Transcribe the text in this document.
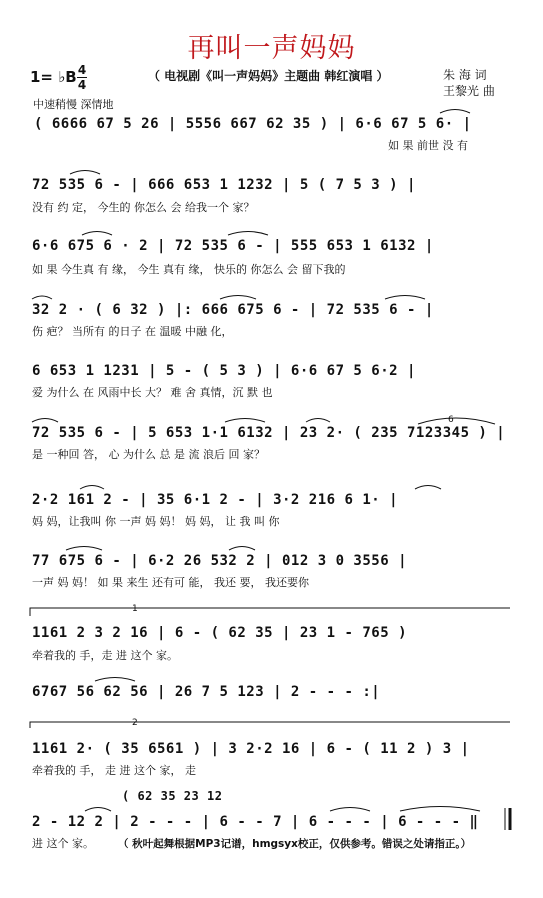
再叫一声妈妈
1= ♭B 4
4
（ 电视剧《叫一声妈妈》主题曲 韩红演唱 ）	朱 海 词
王黎光 曲
中速稍慢 深情地
( 6666 67 5 26 | 5556 667 62 35 ) | 6·6 67 5 6· |
如 果 前世 没 有
72 535 6 - | 666 653 1 1232 | 5 ( 7 5 3 ) |
没有 约 定， 今生的 你怎么 会 给我一个 家？
6·6 675 6 · 2 | 72 535 6 - | 555 653 1 6132 |
如 果 今生真 有 缘， 今生 真有 缘， 快乐的 你怎么 会 留下我的
32 2 · ( 6 32 ) |: 666 675 6 - | 72 535 6 - |
伤 疤？ 当所有 的日子 在 温暖 中融 化，
6 653 1 1231 | 5 - ( 5 3 ) | 6·6 67 5 6·2 |
爱 为什么 在 风雨中长 大？ 难 舍 真情，沉 默 也
72 535 6 - | 5 653 1·1 6132 | 23 2· ( 235 7123345 ) |
是 一种回 答， 心 为什么 总 是 流 浪后 回 家？
2·2 161 2 - | 35 6·1 2 - | 3·2 216 6 1· |
妈 妈，让我叫 你 一声 妈 妈！ 妈 妈， 让 我 叫 你
77 675 6 - | 6·2 26 532 2 | 012 3 0 3556 |
一声 妈 妈！ 如 果 来生 还有可 能， 我还 要， 我还要你
1161 2 3 2 16 | 6 - ( 62 35 | 23 1 - 765 )
牵着我的 手，走 进 这个 家。
6767 56 62 56 | 26 7 5 123 | 2 - - - :|
1161 2· ( 35 6561 ) | 3 2·2 16 | 6 - ( 11 2 ) 3 |
牵着我的 手， 走 进 这个 家， 走
( 62 35 23 12
2 - 12 2 | 2 - - - | 6 - - 7 | 6 - - - | 6 - - - ‖
进 这个 家。 （ 秋叶起舞根据MP3记谱，hmgsyx校正，仅供参考。错误之处请指正。）
1
2
6
